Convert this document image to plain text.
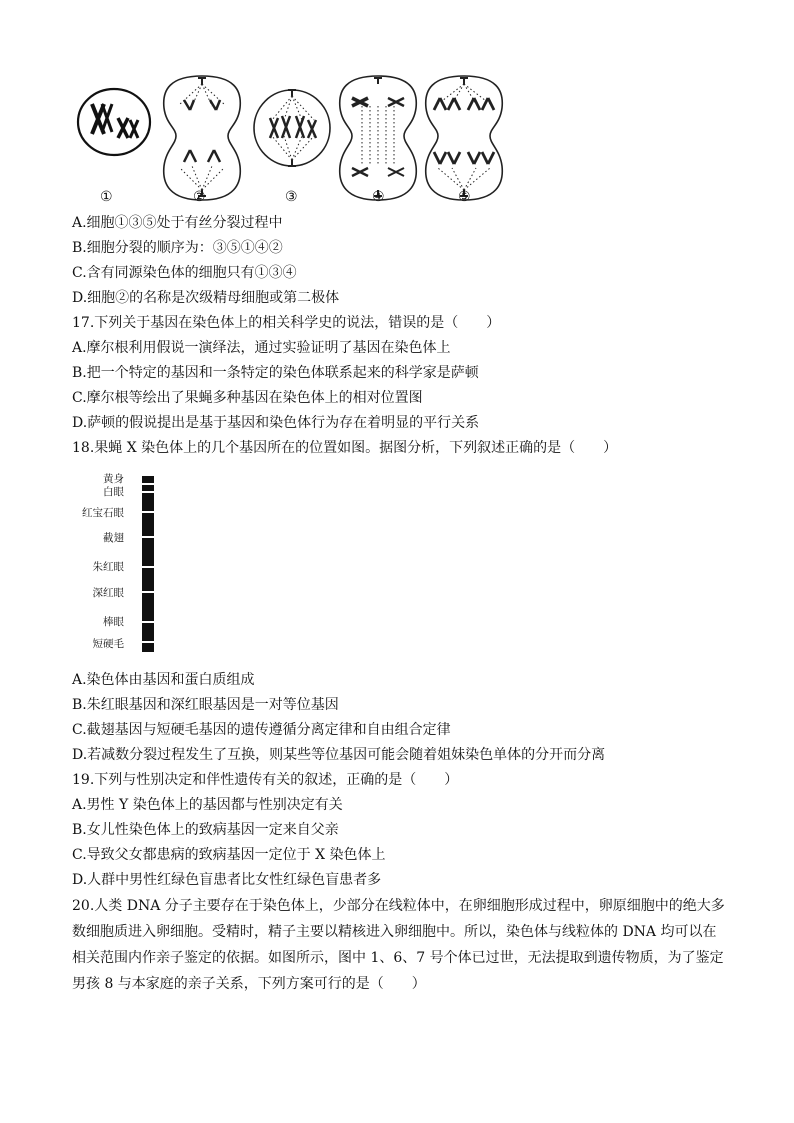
①	②	③	④	⑤
A.细胞①③⑤处于有丝分裂过程中
B.细胞分裂的顺序为：③⑤①④②
C.含有同源染色体的细胞只有①③④
D.细胞②的名称是次级精母细胞或第二极体
17.下列关于基因在染色体上的相关科学史的说法，错误的是（　　）
A.摩尔根利用假说一演绎法，通过实验证明了基因在染色体上
B.把一个特定的基因和一条特定的染色体联系起来的科学家是萨顿
C.摩尔根等绘出了果蝇多种基因在染色体上的相对位置图
D.萨顿的假说提出是基于基因和染色体行为存在着明显的平行关系
18.果蝇 X 染色体上的几个基因所在的位置如图。据图分析，下列叙述正确的是（　　）
黄身
白眼
红宝石眼
截翅
朱红眼
深红眼
棒眼
短硬毛
A.染色体由基因和蛋白质组成
B.朱红眼基因和深红眼基因是一对等位基因
C.截翅基因与短硬毛基因的遗传遵循分离定律和自由组合定律
D.若减数分裂过程发生了互换，则某些等位基因可能会随着姐妹染色单体的分开而分离
19.下列与性别决定和伴性遗传有关的叙述，正确的是（　　）
A.男性 Y 染色体上的基因都与性别决定有关
B.女儿性染色体上的致病基因一定来自父亲
C.导致父女都患病的致病基因一定位于 X 染色体上
D.人群中男性红绿色盲患者比女性红绿色盲患者多
20.人类 DNA 分子主要存在于染色体上，少部分在线粒体中，在卵细胞形成过程中，卵原细胞中的绝大多
数细胞质进入卵细胞。受精时，精子主要以精核进入卵细胞中。所以，染色体与线粒体的 DNA 均可以在
相关范围内作亲子鉴定的依据。如图所示，图中 1、6、7 号个体已过世，无法提取到遗传物质，为了鉴定
男孩 8 与本家庭的亲子关系，下列方案可行的是（　　）
